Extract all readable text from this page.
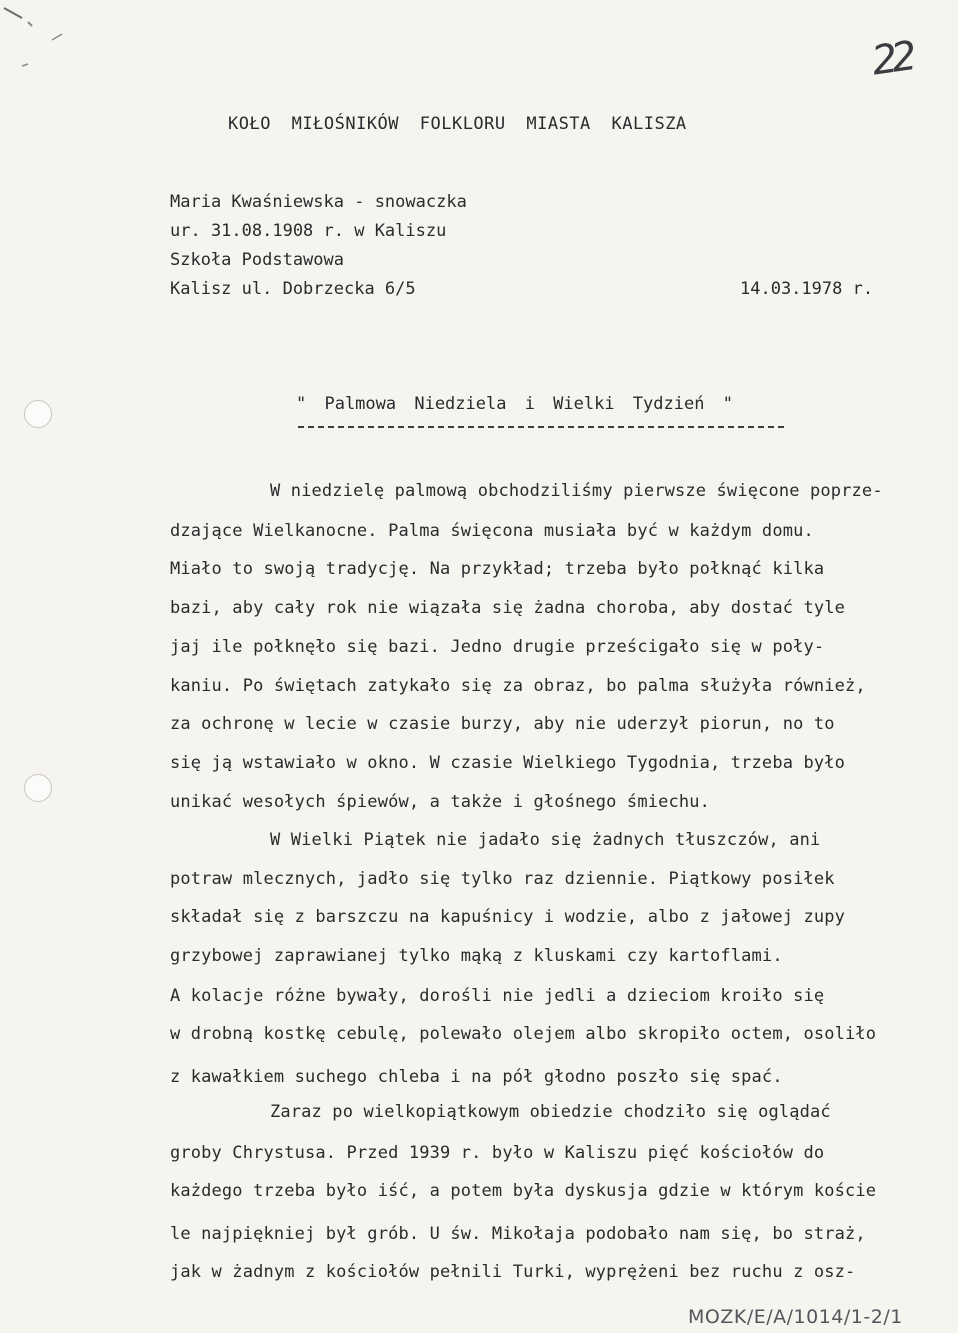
22
KOŁO MIŁOŚNIKÓW FOLKLORU MIASTA KALISZA
Maria Kwaśniewska - snowaczka
ur. 31.08.1908 r. w Kaliszu
Szkoła Podstawowa
Kalisz ul. Dobrzecka 6/5	14.03.1978 r.
" Palmowa Niedziela i Wielki Tydzień "
W niedzielę palmową obchodziliśmy pierwsze święcone poprze-
dzające Wielkanocne. Palma święcona musiała być w każdym domu.
Miało to swoją tradycję. Na przykład; trzeba było połknąć kilka
bazi, aby cały rok nie wiązała się żadna choroba, aby dostać tyle
jaj ile połknęło się bazi. Jedno drugie prześcigało się w poły-
kaniu. Po świętach zatykało się za obraz, bo palma służyła również,
za ochronę w lecie w czasie burzy, aby nie uderzył piorun, no to
się ją wstawiało w okno. W czasie Wielkiego Tygodnia, trzeba było
unikać wesołych śpiewów, a także i głośnego śmiechu.
W Wielki Piątek nie jadało się żadnych tłuszczów, ani
potraw mlecznych, jadło się tylko raz dziennie. Piątkowy posiłek
składał się z barszczu na kapuśnicy i wodzie, albo z jałowej zupy
grzybowej zaprawianej tylko mąką z kluskami czy kartoflami.
A kolacje różne bywały, dorośli nie jedli a dzieciom kroiło się
w drobną kostkę cebulę, polewało olejem albo skropiło octem, osoliło
z kawałkiem suchego chleba i na pół głodno poszło się spać.
Zaraz po wielkopiątkowym obiedzie chodziło się oglądać
groby Chrystusa. Przed 1939 r. było w Kaliszu pięć kościołów do
każdego trzeba było iść, a potem była dyskusja gdzie w którym koście
le najpiękniej był grób. U św. Mikołaja podobało nam się, bo straż,
jak w żadnym z kościołów pełnili Turki, wyprężeni bez ruchu z osz-
MOZK/E/A/1014/1-2/1
